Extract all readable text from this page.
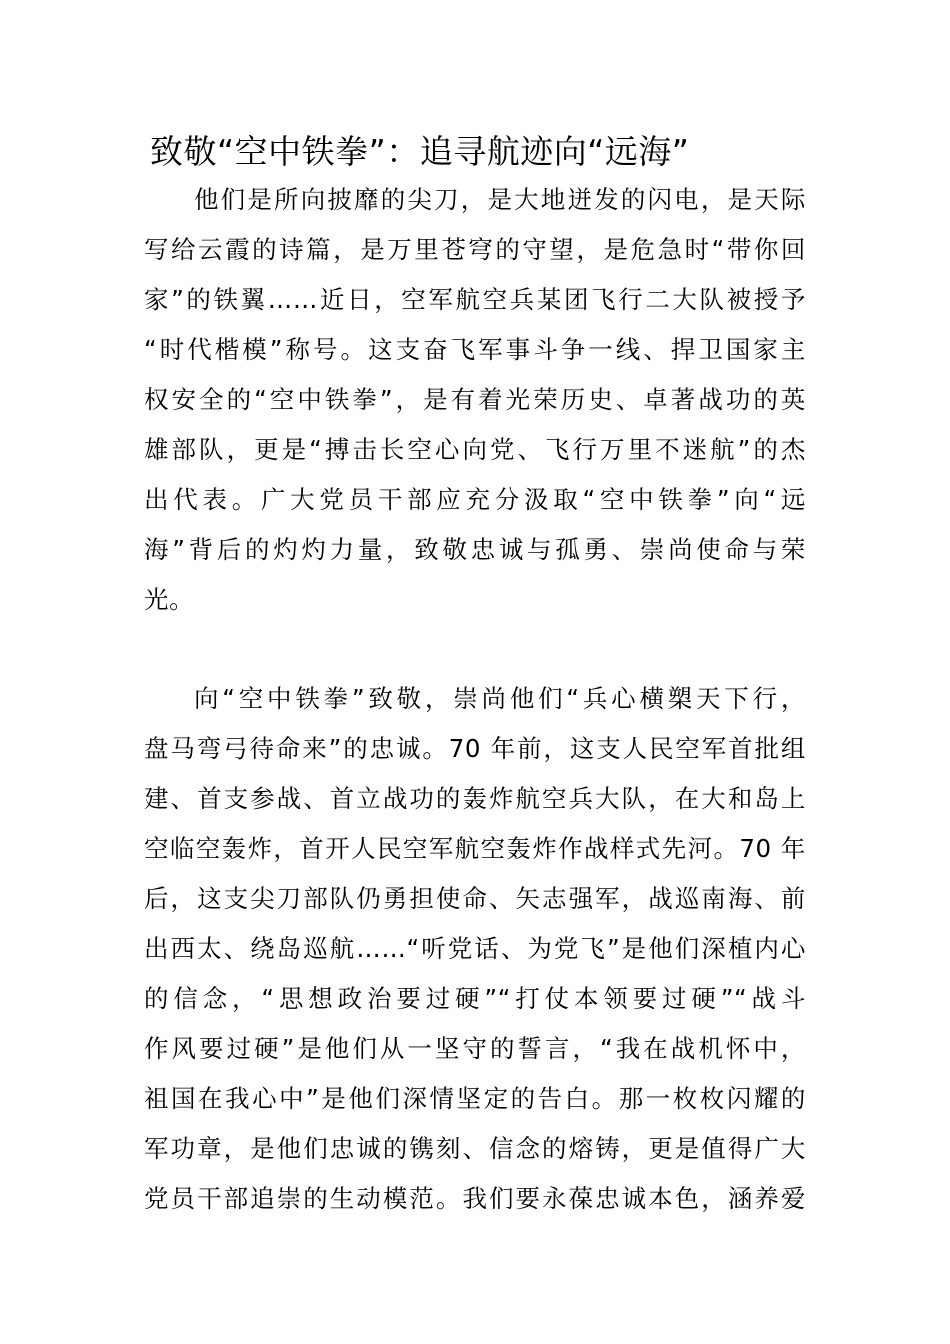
致敬“空中铁拳”：追寻航迹向“远海”

他们是所向披靡的尖刀，是大地迸发的闪电，是天际

写给云霞的诗篇，是万里苍穹的守望，是危急时“带你回

家”的铁翼……近日，空军航空兵某团飞行二大队被授予

“时代楷模”称号。这支奋飞军事斗争一线、捍卫国家主

权安全的“空中铁拳”，是有着光荣历史、卓著战功的英

雄部队，更是“搏击长空心向党、飞行万里不迷航”的杰

出代表。广大党员干部应充分汲取“空中铁拳”向“远

海”背后的灼灼力量，致敬忠诚与孤勇、崇尚使命与荣

光。

向“空中铁拳”致敬，崇尚他们“兵心横槊天下行，

盘马弯弓待命来”的忠诚。70 年前，这支人民空军首批组

建、首支参战、首立战功的轰炸航空兵大队，在大和岛上

空临空轰炸，首开人民空军航空轰炸作战样式先河。70 年

后，这支尖刀部队仍勇担使命、矢志强军，战巡南海、前

出西太、绕岛巡航……“听党话、为党飞”是他们深植内心

的信念，“思想政治要过硬”“打仗本领要过硬”“战斗

作风要过硬”是他们从一坚守的誓言，“我在战机怀中，

祖国在我心中”是他们深情坚定的告白。那一枚枚闪耀的

军功章，是他们忠诚的镌刻、信念的熔铸，更是值得广大

党员干部追崇的生动模范。我们要永葆忠诚本色，涵养爱
